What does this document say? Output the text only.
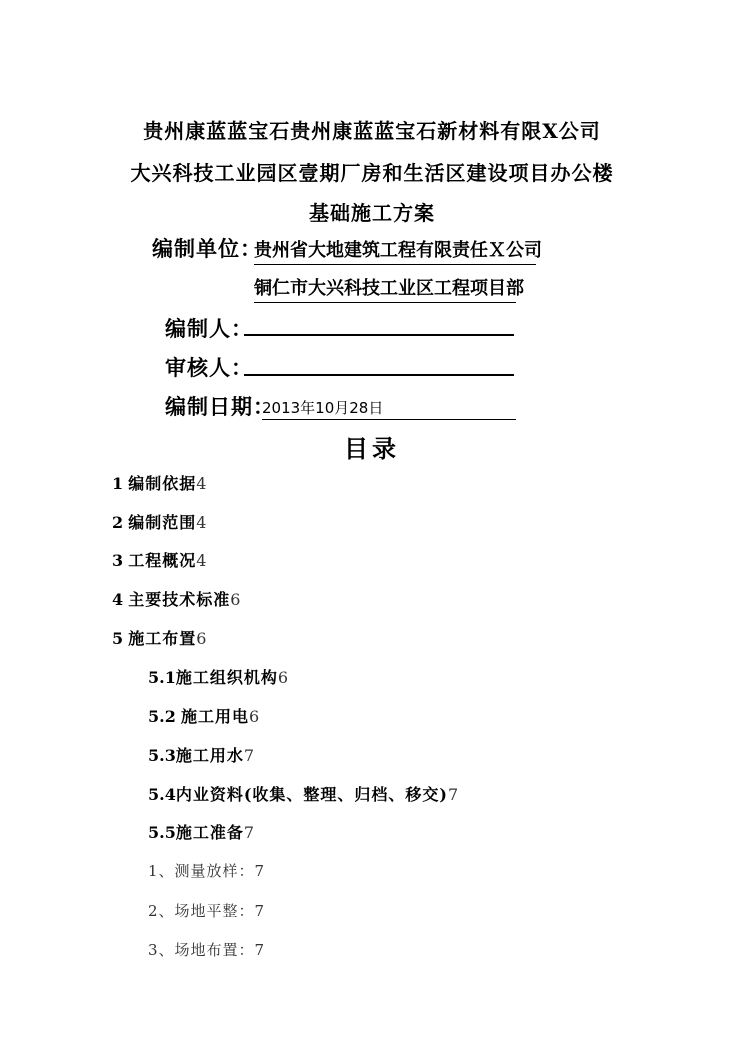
贵州康蓝蓝宝石贵州康蓝蓝宝石新材料有限X公司
大兴科技工业园区壹期厂房和生活区建设项目办公楼
基础施工方案
编制单位：
贵州省大地建筑工程有限责任Ｘ公司
铜仁市大兴科技工业区工程项目部
编制人：
审核人：
编制日期：
2013年10月28日
目录
1 编制依据4
2 编制范围4
3 工程概况4
4 主要技术标准6
5 施工布置6
5.1施工组织机构6
5.2 施工用电6
5.3施工用水7
5.4内业资料(收集、整理、归档、移交)7
5.5施工准备7
1、测量放样：7
2、场地平整：7
3、场地布置：7
